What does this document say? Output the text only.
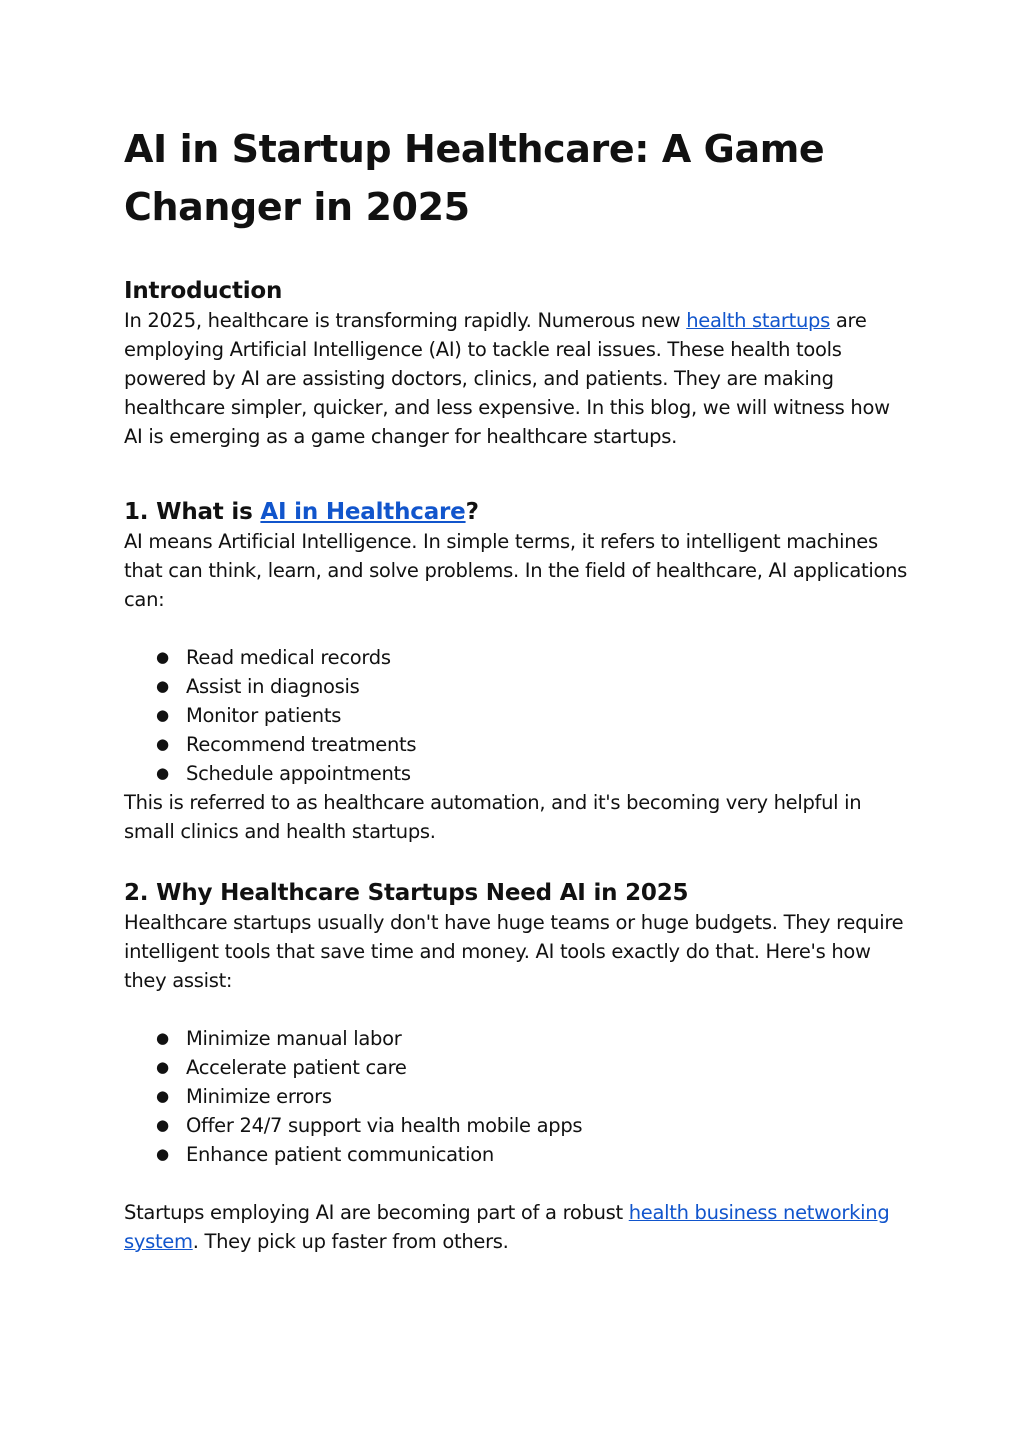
AI in Startup Healthcare: A Game Changer in 2025
Introduction

In 2025, healthcare is transforming rapidly. Numerous new health startups are employing Artificial Intelligence (AI) to tackle real issues. These health tools powered by AI are assisting doctors, clinics, and patients. They are making healthcare simpler, quicker, and less expensive. In this blog, we will witness how AI is emerging as a game changer for healthcare startups.

1. What is AI in Healthcare?

AI means Artificial Intelligence. In simple terms, it refers to intelligent machines that can think, learn, and solve problems. In the field of healthcare, AI applications can:

● Read medical records
● Assist in diagnosis
● Monitor patients
● Recommend treatments
● Schedule appointments

This is referred to as healthcare automation, and it's becoming very helpful in small clinics and health startups.

2. Why Healthcare Startups Need AI in 2025

Healthcare startups usually don't have huge teams or huge budgets. They require intelligent tools that save time and money. AI tools exactly do that. Here's how they assist:

● Minimize manual labor
● Accelerate patient care
● Minimize errors
● Offer 24/7 support via health mobile apps
● Enhance patient communication

Startups employing AI are becoming part of a robust health business networking system. They pick up faster from others.
